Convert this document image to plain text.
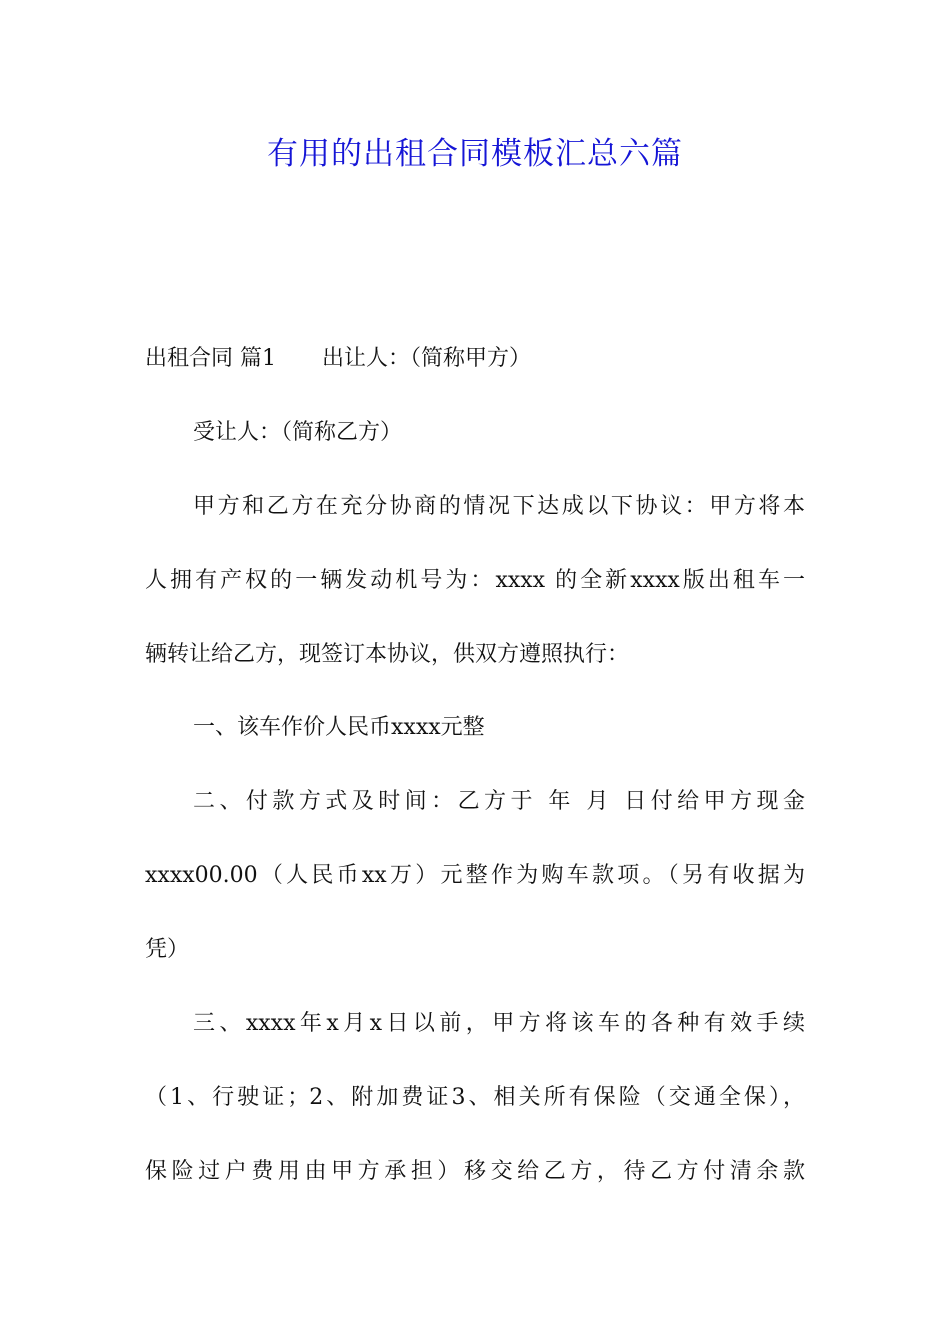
有用的出租合同模板汇总六篇
出租合同 篇1 出让人：（简称甲方）
受让人：（简称乙方）
甲方和乙方在充分协商的情况下达成以下协议：甲方将本
人拥有产权的一辆发动机号为：xxxx 的全新xxxx版出租车一
辆转让给乙方，现签订本协议，供双方遵照执行：
一、该车作价人民币xxxx元整
二、付款方式及时间：乙方于 年 月 日付给甲方现金
xxxx00.00（人民币xx万）元整作为购车款项。（另有收据为
凭）
三、xxxx年x月x日以前，甲方将该车的各种有效手续
（1、行驶证；2、附加费证3、相关所有保险（交通全保），
保险过户费用由甲方承担）移交给乙方，待乙方付清余款
